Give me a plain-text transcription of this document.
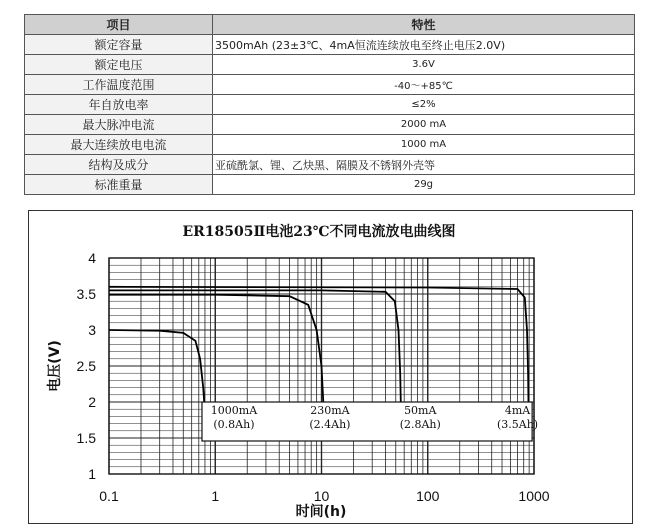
项目	特性
额定容量	3500mAh (23±3℃、4mA恒流连续放电至终止电压2.0V)
额定电压	3.6V
工作温度范围	-40～+85℃
年自放电率	≤2%
最大脉冲电流	2000 mA
最大连续放电电流	1000 mA
结构及成分	亚硫酰氯、锂、乙炔黑、隔膜及不锈钢外壳等
标准重量	29g
1000mA
(0.8Ah)
230mA
(2.4Ah)
50mA
(2.8Ah)
4mA
(3.5Ah)
1
1.5
2
2.5
3
3.5
4
0.1	1	10	100	1000
ER18505Ⅱ电池23℃不同电流放电曲线图
时间(h)
电压(V)
